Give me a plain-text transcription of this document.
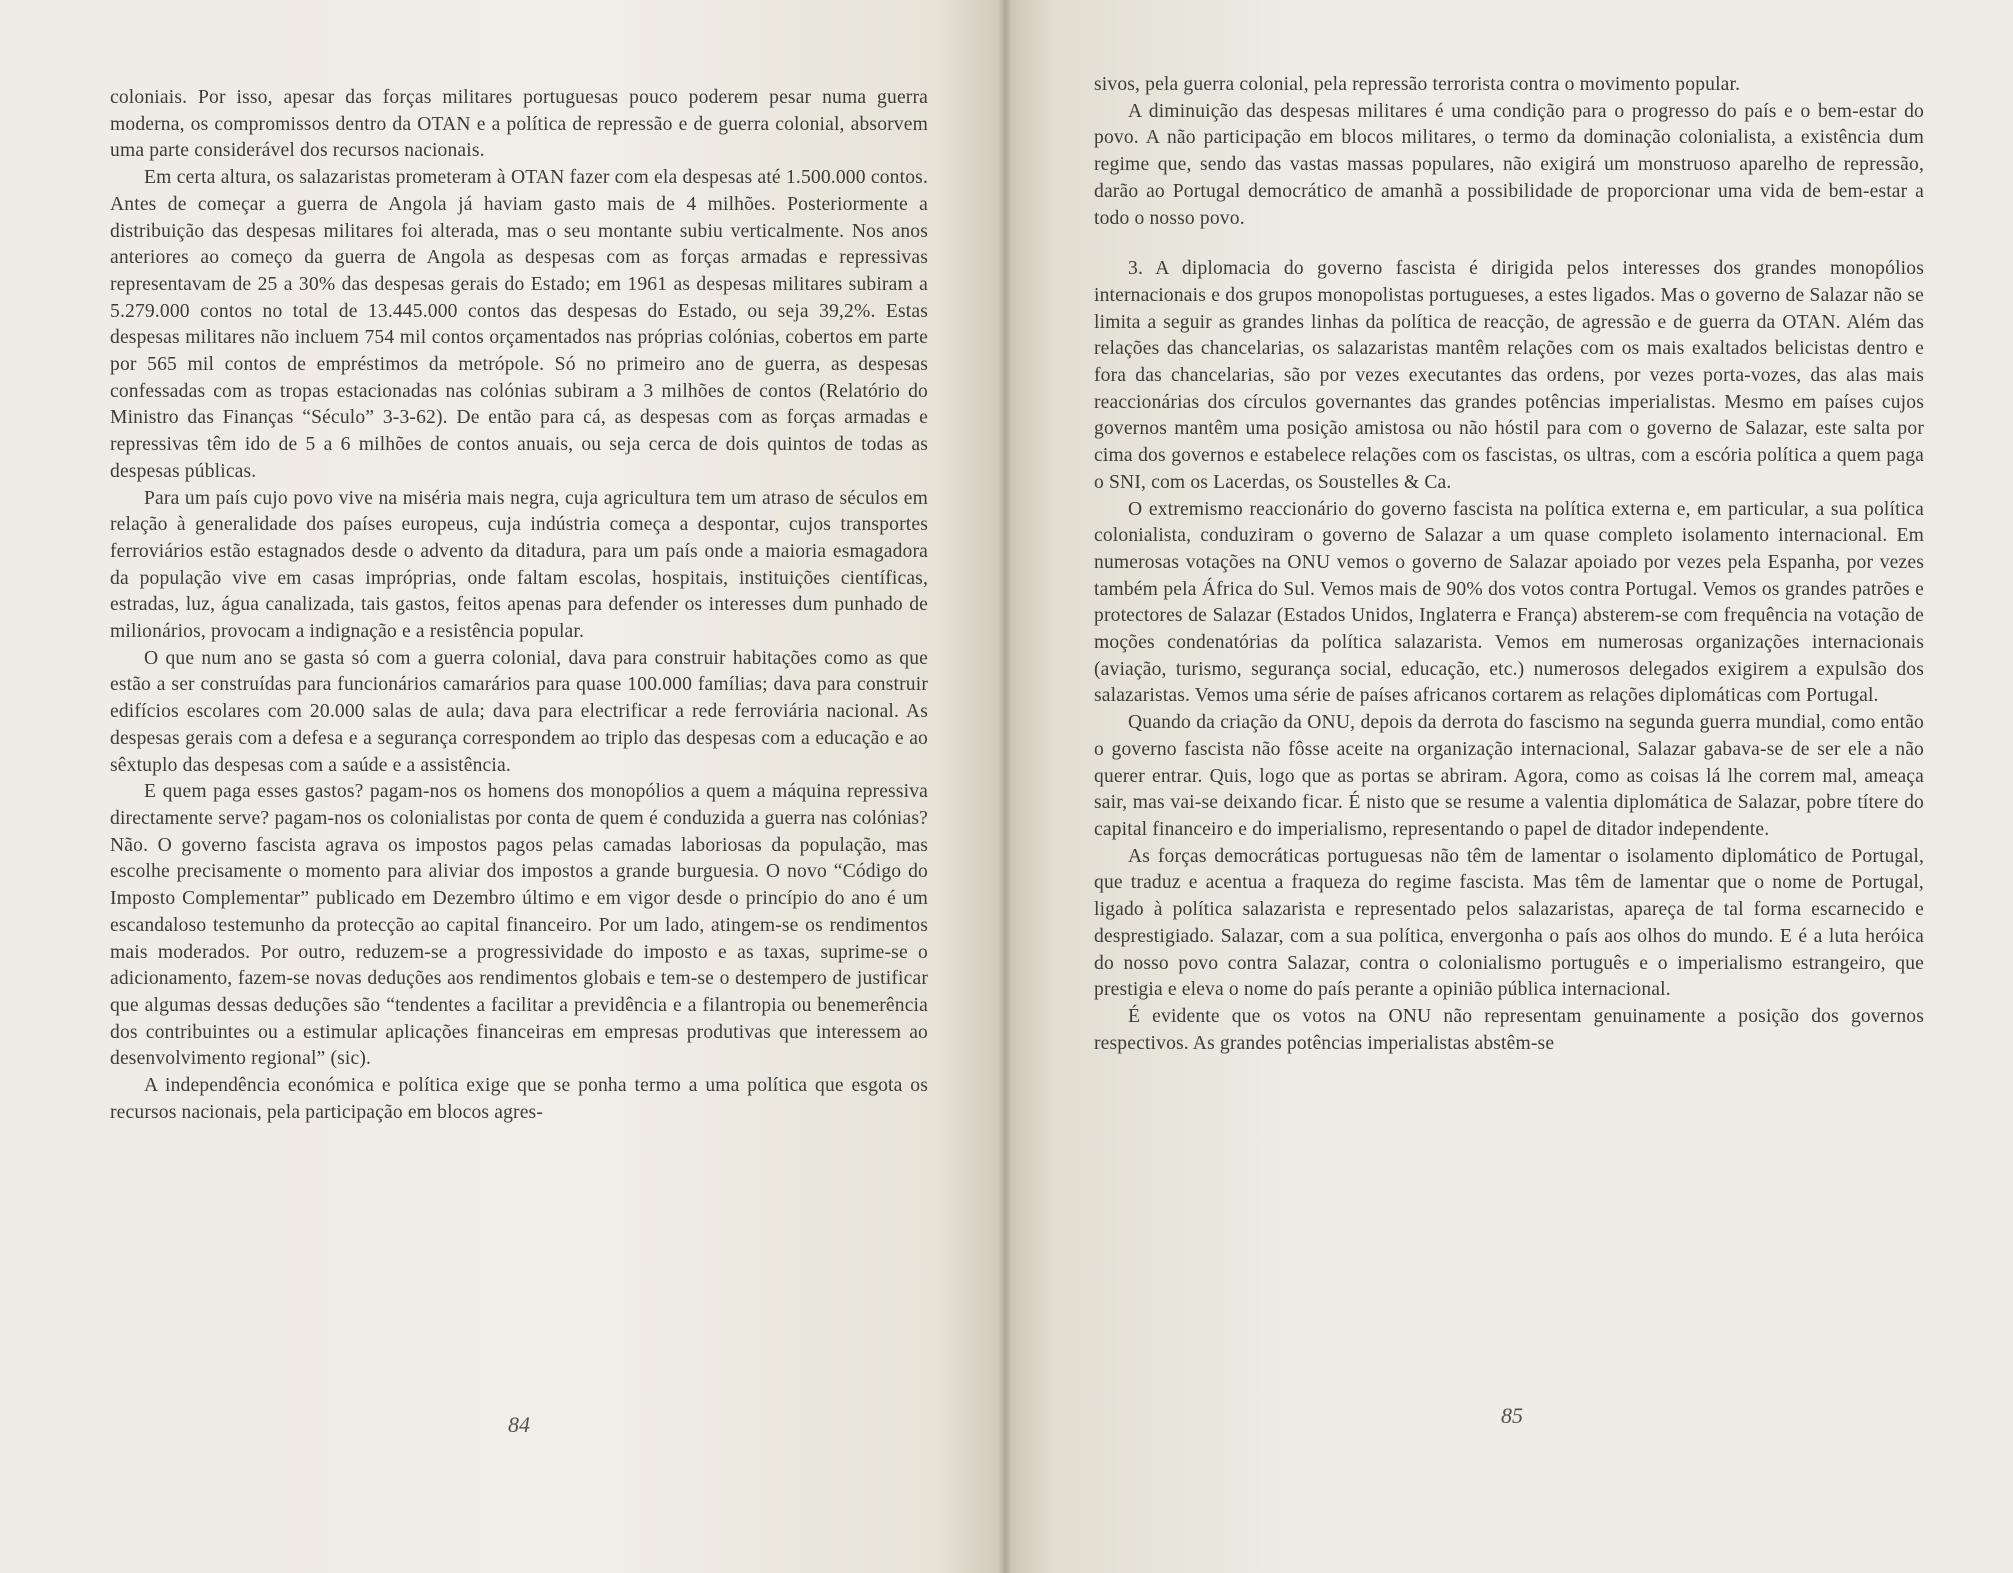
coloniais. Por isso, apesar das forças militares portuguesas pouco poderem pesar numa guerra moderna, os compromissos dentro da OTAN e a política de repressão e de guerra colonial, absorvem uma parte considerável dos recursos nacionais.

Em certa altura, os salazaristas prometeram à OTAN fazer com ela despesas até 1.500.000 contos. Antes de começar a guerra de Angola já haviam gasto mais de 4 milhões. Posteriormente a distribuição das despesas militares foi alterada, mas o seu montante subiu verticalmente. Nos anos anteriores ao começo da guerra de Angola as despesas com as forças armadas e repressivas representavam de 25 a 30% das despesas gerais do Estado; em 1961 as despesas militares subiram a 5.279.000 contos no total de 13.445.000 contos das despesas do Estado, ou seja 39,2%. Estas despesas militares não incluem 754 mil contos orçamentados nas próprias colónias, cobertos em parte por 565 mil contos de empréstimos da metrópole. Só no primeiro ano de guerra, as despesas confessadas com as tropas estacionadas nas colónias subiram a 3 milhões de contos (Relatório do Ministro das Finanças “Século” 3-3-62). De então para cá, as despesas com as forças armadas e repressivas têm ido de 5 a 6 milhões de contos anuais, ou seja cerca de dois quintos de todas as despesas públicas.

Para um país cujo povo vive na miséria mais negra, cuja agricultura tem um atraso de séculos em relação à generalidade dos países europeus, cuja indústria começa a despontar, cujos transportes ferroviários estão estagnados desde o advento da ditadura, para um país onde a maioria esmagadora da população vive em casas impróprias, onde faltam escolas, hospitais, instituições científicas, estradas, luz, água canalizada, tais gastos, feitos apenas para defender os interesses dum punhado de milionários, provocam a indignação e a resistência popular.

O que num ano se gasta só com a guerra colonial, dava para construir habitações como as que estão a ser construídas para funcionários camarários para quase 100.000 famílias; dava para construir edifícios escolares com 20.000 salas de aula; dava para electrificar a rede ferroviária nacional. As despesas gerais com a defesa e a segurança correspondem ao triplo das despesas com a educação e ao sêxtuplo das despesas com a saúde e a assistência.

E quem paga esses gastos? pagam-nos os homens dos monopólios a quem a máquina repressiva directamente serve? pagam-nos os colonialistas por conta de quem é conduzida a guerra nas colónias? Não. O governo fascista agrava os impostos pagos pelas camadas laboriosas da população, mas escolhe precisamente o momento para aliviar dos impostos a grande burguesia. O novo “Código do Imposto Complementar” publicado em Dezembro último e em vigor desde o princípio do ano é um escandaloso testemunho da protecção ao capital financeiro. Por um lado, atingem-se os rendimentos mais moderados. Por outro, reduzem-se a progressividade do imposto e as taxas, suprime-se o adicionamento, fazem-se novas deduções aos rendimentos globais e tem-se o destempero de justificar que algumas dessas deduções são “tendentes a facilitar a previdência e a filantropia ou benemerência dos contribuintes ou a estimular aplicações financeiras em empresas produtivas que interessem ao desenvolvimento regional” (sic).

A independência económica e política exige que se ponha termo a uma política que esgota os recursos nacionais, pela participação em blocos agres-

84

sivos, pela guerra colonial, pela repressão terrorista contra o movimento popular.

A diminuição das despesas militares é uma condição para o progresso do país e o bem-estar do povo. A não participação em blocos militares, o termo da dominação colonialista, a existência dum regime que, sendo das vastas massas populares, não exigirá um monstruoso aparelho de repressão, darão ao Portugal democrático de amanhã a possibilidade de proporcionar uma vida de bem-estar a todo o nosso povo.

3. A diplomacia do governo fascista é dirigida pelos interesses dos grandes monopólios internacionais e dos grupos monopolistas portugueses, a estes ligados. Mas o governo de Salazar não se limita a seguir as grandes linhas da política de reacção, de agressão e de guerra da OTAN. Além das relações das chancelarias, os salazaristas mantêm relações com os mais exaltados belicistas dentro e fora das chancelarias, são por vezes executantes das ordens, por vezes porta-vozes, das alas mais reaccionárias dos círculos governantes das grandes potências imperialistas. Mesmo em países cujos governos mantêm uma posição amistosa ou não hóstil para com o governo de Salazar, este salta por cima dos governos e estabelece relações com os fascistas, os ultras, com a escória política a quem paga o SNI, com os Lacerdas, os Soustelles & Ca.

O extremismo reaccionário do governo fascista na política externa e, em particular, a sua política colonialista, conduziram o governo de Salazar a um quase completo isolamento internacional. Em numerosas votações na ONU vemos o governo de Salazar apoiado por vezes pela Espanha, por vezes também pela África do Sul. Vemos mais de 90% dos votos contra Portugal. Vemos os grandes patrões e protectores de Salazar (Estados Unidos, Inglaterra e França) absterem-se com frequência na votação de moções condenatórias da política salazarista. Vemos em numerosas organizações internacionais (aviação, turismo, segurança social, educação, etc.) numerosos delegados exigirem a expulsão dos salazaristas. Vemos uma série de países africanos cortarem as relações diplomáticas com Portugal.

Quando da criação da ONU, depois da derrota do fascismo na segunda guerra mundial, como então o governo fascista não fôsse aceite na organização internacional, Salazar gabava-se de ser ele a não querer entrar. Quis, logo que as portas se abriram. Agora, como as coisas lá lhe correm mal, ameaça sair, mas vai-se deixando ficar. É nisto que se resume a valentia diplomática de Salazar, pobre títere do capital financeiro e do imperialismo, representando o papel de ditador independente.

As forças democráticas portuguesas não têm de lamentar o isolamento diplomático de Portugal, que traduz e acentua a fraqueza do regime fascista. Mas têm de lamentar que o nome de Portugal, ligado à política salazarista e representado pelos salazaristas, apareça de tal forma escarnecido e desprestigiado. Salazar, com a sua política, envergonha o país aos olhos do mundo. E é a luta heróica do nosso povo contra Salazar, contra o colonialismo português e o imperialismo estrangeiro, que prestigia e eleva o nome do país perante a opinião pública internacional.

É evidente que os votos na ONU não representam genuinamente a posição dos governos respectivos. As grandes potências imperialistas abstêm-se

85
